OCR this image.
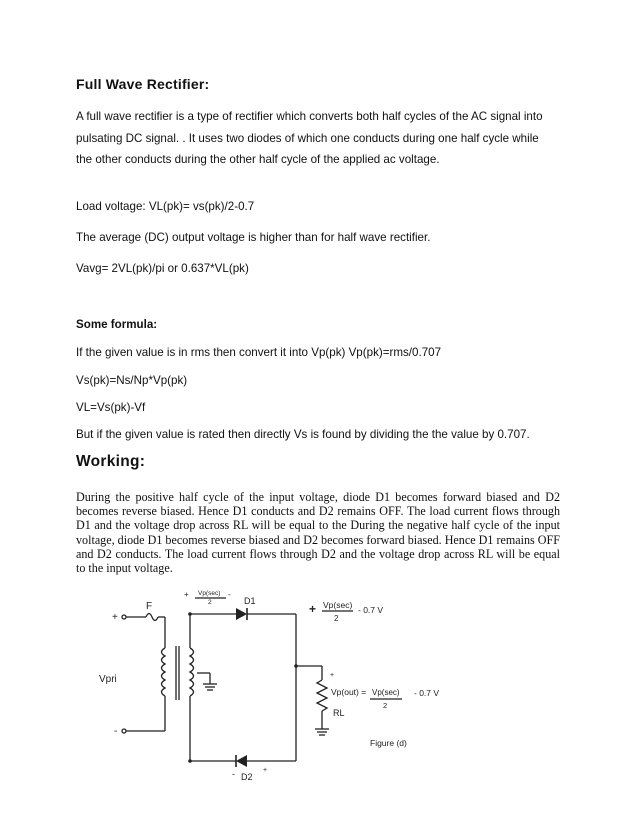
Full Wave Rectifier:
A full wave rectifier is a type of rectifier which converts both half cycles of the AC signal into pulsating DC signal. . It uses two diodes of which one conducts during one half cycle while the other conducts during the other half cycle of the applied ac voltage.
Load voltage: VL(pk)= vs(pk)/2-0.7
The average (DC) output voltage is higher than for half wave rectifier.
Vavg= 2VL(pk)/pi or 0.637*VL(pk)
Some formula:
If the given value is in rms then convert it into Vp(pk) Vp(pk)=rms/0.707
Vs(pk)=Ns/Np*Vp(pk)
VL=Vs(pk)-Vf
But if the given value is rated then directly Vs is found by dividing the the value by 0.707.
Working:
During the positive half cycle of the input voltage, diode D1 becomes forward biased and D2 becomes reverse biased. Hence D1 conducts and D2 remains OFF. The load current flows through D1 and the voltage drop across RL will be equal to the During the negative half cycle of the input voltage, diode D1 becomes reverse biased and D2 becomes forward biased. Hence D1 remains OFF and D2 conducts. The load current flows through D2 and the voltage drop across RL will be equal to the input voltage.
+
-
F
Vpri
+ Vp(sec)
2
-
D1
+ Vp(sec)
2
- 0.7 V
+
Vp(out) = Vp(sec)
2
- 0.7 V
RL
- D2
+
Figure (d)
